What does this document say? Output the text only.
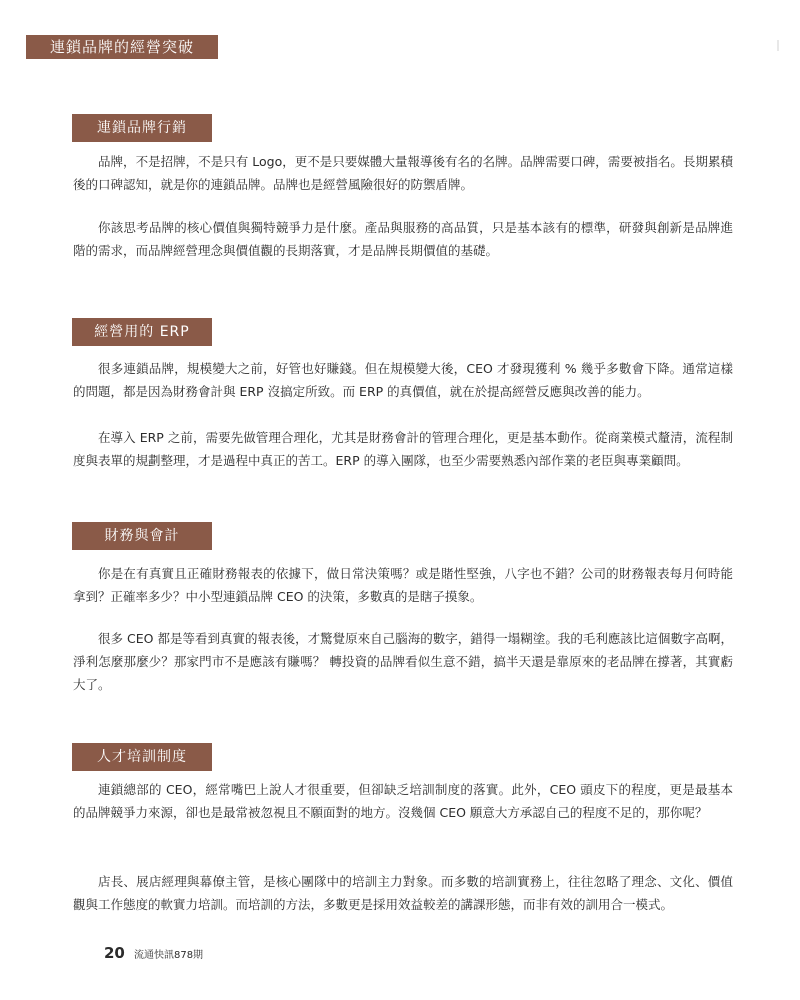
連鎖品牌的經營突破
連鎖品牌行銷

品牌，不是招牌，不是只有 Logo，更不是只要媒體大量報導後有名的名牌。品牌需要口碑，需要被指名。長期累積後的口碑認知，就是你的連鎖品牌。品牌也是經營風險很好的防禦盾牌。

你該思考品牌的核心價值與獨特競爭力是什麼。產品與服務的高品質，只是基本該有的標準，研發與創新是品牌進階的需求，而品牌經營理念與價值觀的長期落實，才是品牌長期價值的基礎。

經營用的 ERP

很多連鎖品牌，規模變大之前，好管也好賺錢。但在規模變大後，CEO 才發現獲利 % 幾乎多數會下降。通常這樣的問題，都是因為財務會計與 ERP 沒搞定所致。而 ERP 的真價值，就在於提高經營反應與改善的能力。

在導入 ERP 之前，需要先做管理合理化，尤其是財務會計的管理合理化，更是基本動作。從商業模式釐清，流程制度與表單的規劃整理，才是過程中真正的苦工。ERP 的導入團隊，也至少需要熟悉內部作業的老臣與專業顧問。

財務與會計

你是在有真實且正確財務報表的依據下，做日常決策嗎？或是賭性堅強，八字也不錯？公司的財務報表每月何時能拿到？正確率多少？中小型連鎖品牌 CEO 的決策，多數真的是瞎子摸象。

很多 CEO 都是等看到真實的報表後，才驚覺原來自己腦海的數字，錯得一塌糊塗。我的毛利應該比這個數字高啊，淨利怎麼那麼少？那家門市不是應該有賺嗎？ 轉投資的品牌看似生意不錯，搞半天還是靠原來的老品牌在撐著，其實虧大了。

人才培訓制度

連鎖總部的 CEO，經常嘴巴上說人才很重要，但卻缺乏培訓制度的落實。此外，CEO 頭皮下的程度，更是最基本的品牌競爭力來源，卻也是最常被忽視且不願面對的地方。沒幾個 CEO 願意大方承認自己的程度不足的，那你呢？

店長、展店經理與幕僚主管，是核心團隊中的培訓主力對象。而多數的培訓實務上，往往忽略了理念、文化、價值觀與工作態度的軟實力培訓。而培訓的方法，多數更是採用效益較差的講課形態，而非有效的訓用合一模式。

20 流通快訊878期
